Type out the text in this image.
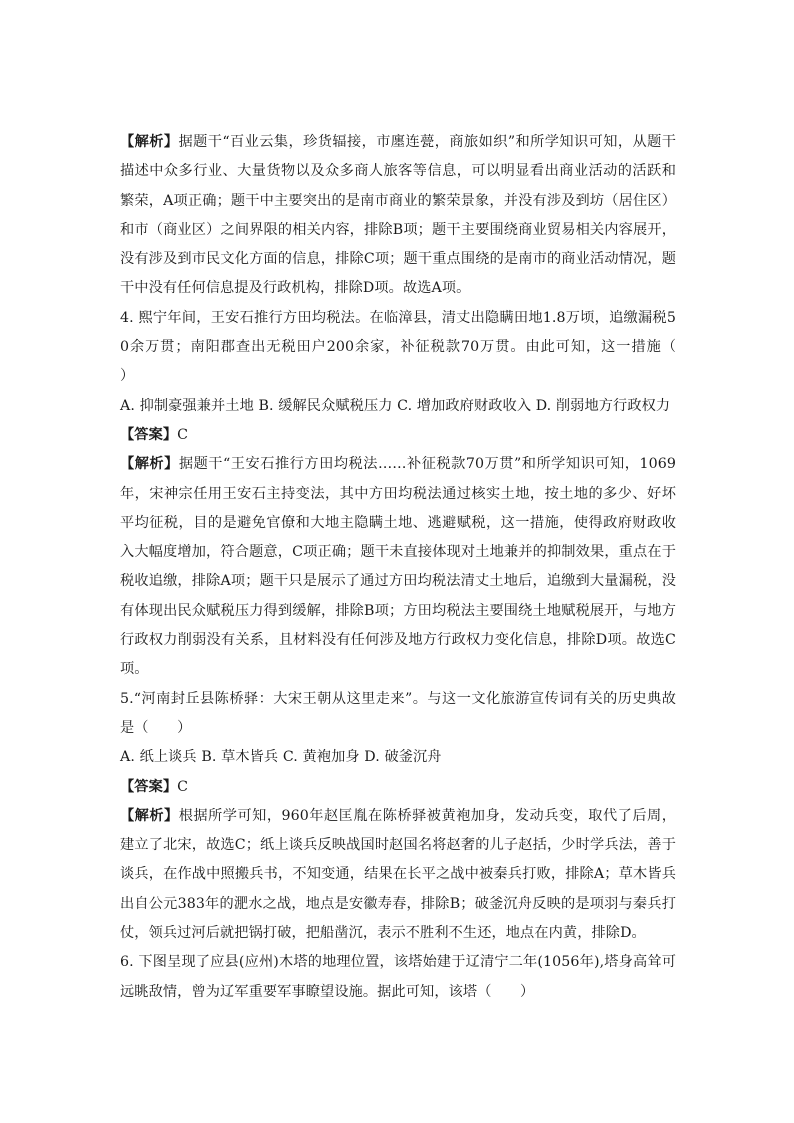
【解析】据题干“百业云集，珍货辐接，市廛连甍，商旅如织”和所学知识可知，从题干描述中众多行业、大量货物以及众多商人旅客等信息，可以明显看出商业活动的活跃和繁荣，A项正确；题干中主要突出的是南市商业的繁荣景象，并没有涉及到坊（居住区）和市（商业区）之间界限的相关内容，排除B项；题干主要围绕商业贸易相关内容展开，没有涉及到市民文化方面的信息，排除C项；题干重点围绕的是南市的商业活动情况，题干中没有任何信息提及行政机构，排除D项。故选A项。

4. 熙宁年间，王安石推行方田均税法。在临漳县，清丈出隐瞒田地1.8万顷，追缴漏税50余万贯；南阳郡查出无税田户200余家，补征税款70万贯。由此可知，这一措施（　　）

A. 抑制豪强兼并土地 B. 缓解民众赋税压力 C. 增加政府财政收入 D. 削弱地方行政权力

【答案】C

【解析】据题干“王安石推行方田均税法……补征税款70万贯”和所学知识可知，1069年，宋神宗任用王安石主持变法，其中方田均税法通过核实土地，按土地的多少、好坏平均征税，目的是避免官僚和大地主隐瞒土地、逃避赋税，这一措施，使得政府财政收入大幅度增加，符合题意，C项正确；题干未直接体现对土地兼并的抑制效果，重点在于税收追缴，排除A项；题干只是展示了通过方田均税法清丈土地后，追缴到大量漏税，没有体现出民众赋税压力得到缓解，排除B项；方田均税法主要围绕土地赋税展开，与地方行政权力削弱没有关系，且材料没有任何涉及地方行政权力变化信息，排除D项。故选C项。

5.“河南封丘县陈桥驿：大宋王朝从这里走来”。与这一文化旅游宣传词有关的历史典故是（　　）

A. 纸上谈兵 B. 草木皆兵 C. 黄袍加身 D. 破釜沉舟

【答案】C

【解析】根据所学可知，960年赵匡胤在陈桥驿被黄袍加身，发动兵变，取代了后周，建立了北宋，故选C；纸上谈兵反映战国时赵国名将赵奢的儿子赵括，少时学兵法，善于谈兵，在作战中照搬兵书，不知变通，结果在长平之战中被秦兵打败，排除A；草木皆兵出自公元383年的淝水之战，地点是安徽寿春，排除B；破釜沉舟反映的是项羽与秦兵打仗，领兵过河后就把锅打破，把船凿沉，表示不胜利不生还，地点在内黄，排除D。

6. 下图呈现了应县(应州)木塔的地理位置，该塔始建于辽清宁二年(1056年),塔身高耸可远眺敌情，曾为辽军重要军事瞭望设施。据此可知，该塔（　　）
